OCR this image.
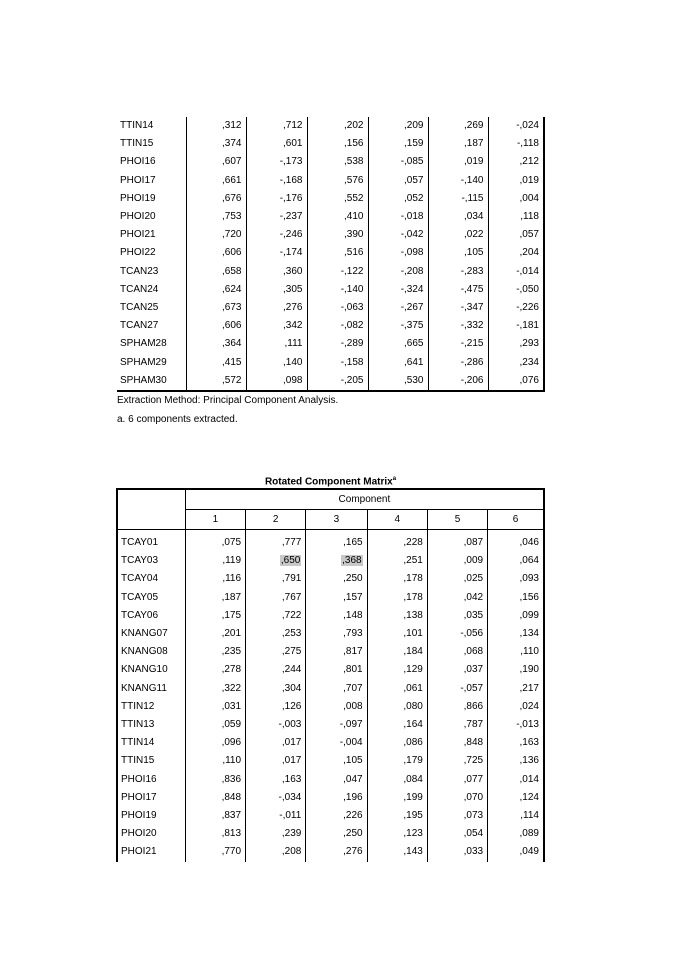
TTIN14	,312	,712	,202	,209	,269	-,024
TTIN15	,374	,601	,156	,159	,187	-,118
PHOI16	,607	-,173	,538	-,085	,019	,212
PHOI17	,661	-,168	,576	,057	-,140	,019
PHOI19	,676	-,176	,552	,052	-,115	,004
PHOI20	,753	-,237	,410	-,018	,034	,118
PHOI21	,720	-,246	,390	-,042	,022	,057
PHOI22	,606	-,174	,516	-,098	,105	,204
TCAN23	,658	,360	-,122	-,208	-,283	-,014
TCAN24	,624	,305	-,140	-,324	-,475	-,050
TCAN25	,673	,276	-,063	-,267	-,347	-,226
TCAN27	,606	,342	-,082	-,375	-,332	-,181
SPHAM28	,364	,111	-,289	,665	-,215	,293
SPHAM29	,415	,140	-,158	,641	-,286	,234
SPHAM30	,572	,098	-,205	,530	-,206	,076
Extraction Method: Principal Component Analysis.
a. 6 components extracted.
Rotated Component Matrix$^a$
	Component					
	1	2	3	4	5	6
TCAY01	,075	,777	,165	,228	,087	,046
TCAY03	,119	,650	,368	,251	,009	,064
TCAY04	,116	,791	,250	,178	,025	,093
TCAY05	,187	,767	,157	,178	,042	,156
TCAY06	,175	,722	,148	,138	,035	,099
KNANG07	,201	,253	,793	,101	-,056	,134
KNANG08	,235	,275	,817	,184	,068	,110
KNANG10	,278	,244	,801	,129	,037	,190
KNANG11	,322	,304	,707	,061	-,057	,217
TTIN12	,031	,126	,008	,080	,866	,024
TTIN13	,059	-,003	-,097	,164	,787	-,013
TTIN14	,096	,017	-,004	,086	,848	,163
TTIN15	,110	,017	,105	,179	,725	,136
PHOI16	,836	,163	,047	,084	,077	,014
PHOI17	,848	-,034	,196	,199	,070	,124
PHOI19	,837	-,011	,226	,195	,073	,114
PHOI20	,813	,239	,250	,123	,054	,089
PHOI21	,770	,208	,276	,143	,033	,049
